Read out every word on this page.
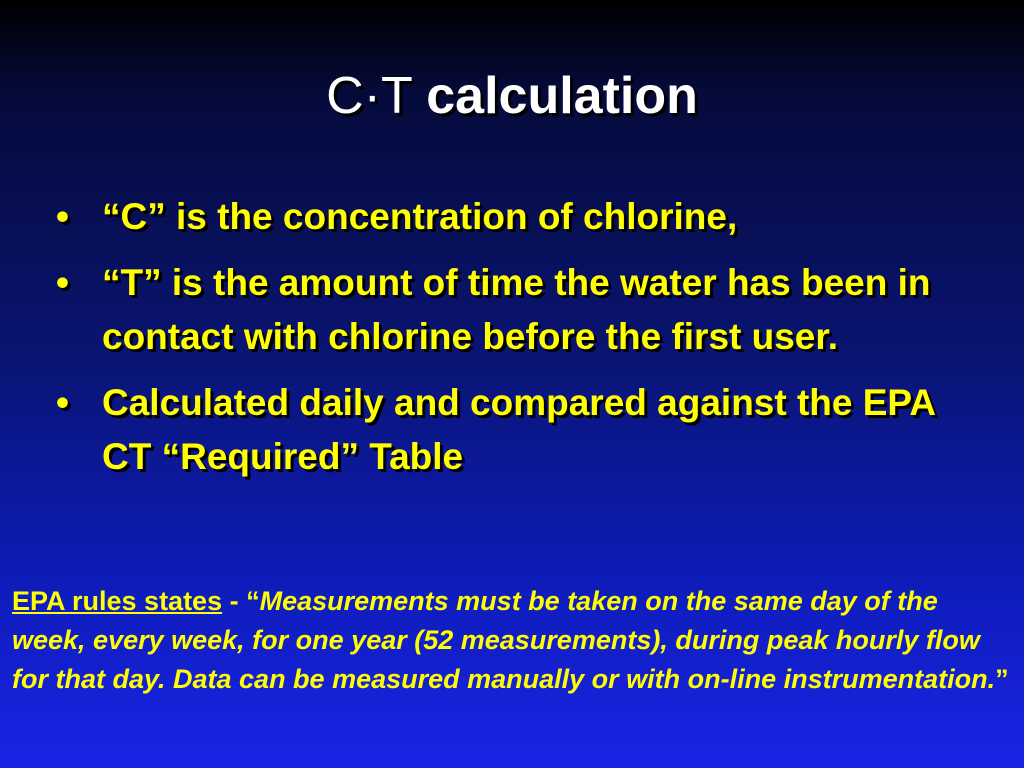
C·T calculation
• “C” is the concentration of chlorine,
• “T” is the amount of time the water has been in contact with chlorine before the first user.
• Calculated daily and compared against the EPA CT “Required” Table
EPA rules states - “Measurements must be taken on the same day of the week, every week, for one year (52 measurements), during peak hourly flow for that day. Data can be measured manually or with on-line instrumentation.”
